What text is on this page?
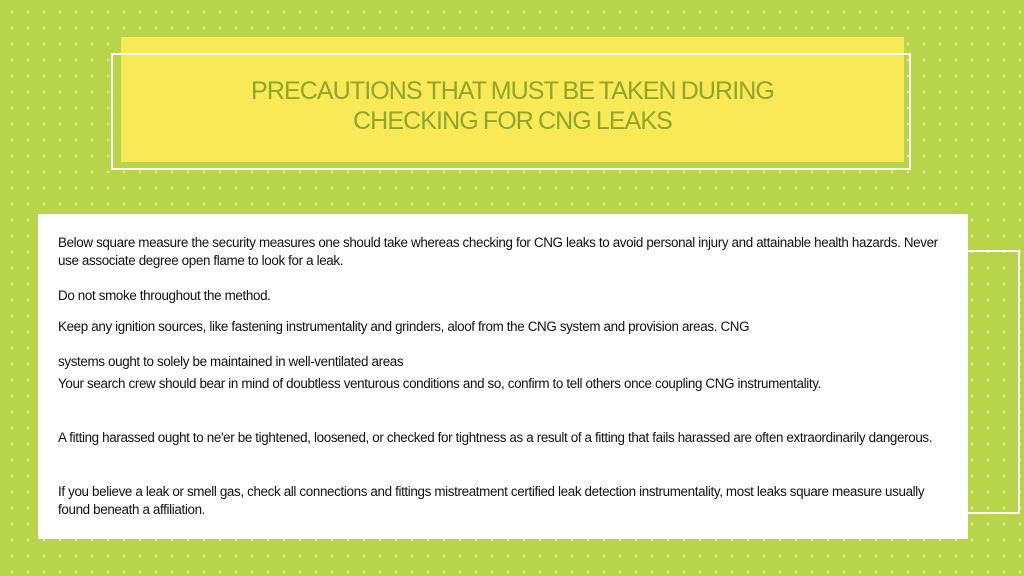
PRECAUTIONS THAT MUST BE TAKEN DURING
CHECKING FOR CNG LEAKS

Below square measure the security measures one should take whereas checking for CNG leaks to avoid personal injury and attainable health hazards. Never use associate degree open flame to look for a leak.

Do not smoke throughout the method.

Keep any ignition sources, like fastening instrumentality and grinders, aloof from the CNG system and provision areas. CNG

systems ought to solely be maintained in well-ventilated areas

Your search crew should bear in mind of doubtless venturous conditions and so, confirm to tell others once coupling CNG instrumentality.

A fitting harassed ought to ne'er be tightened, loosened, or checked for tightness as a result of a fitting that fails harassed are often extraordinarily dangerous.

If you believe a leak or smell gas, check all connections and fittings mistreatment certified leak detection instrumentality, most leaks square measure usually found beneath a affiliation.
